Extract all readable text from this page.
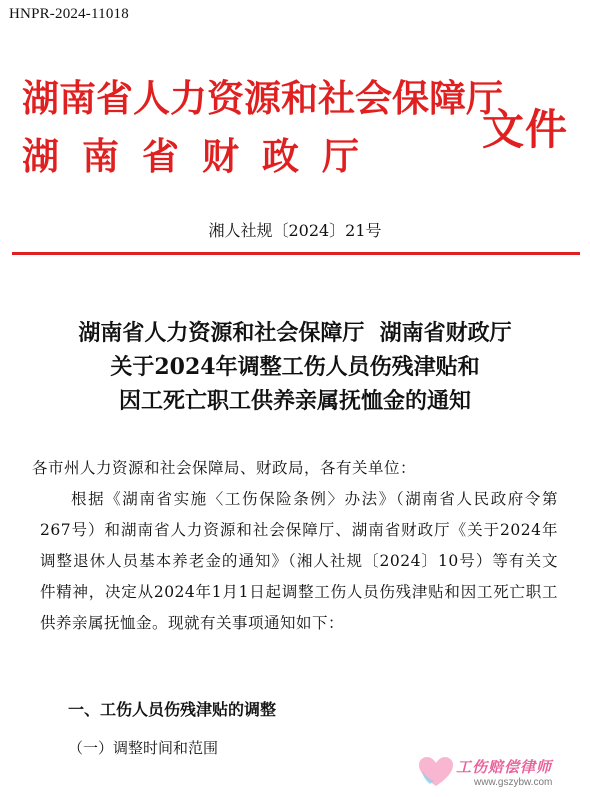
HNPR-2024-11018
湖南省人力资源和社会保障厅
湖南省财政厅
文件
湘人社规〔2024〕21号
湖南省人力资源和社会保障厅  湖南省财政厅
关于2024年调整工伤人员伤残津贴和
因工死亡职工供养亲属抚恤金的通知

各市州人力资源和社会保障局、财政局，各有关单位：

根据《湖南省实施〈工伤保险条例〉办法》（湖南省人民政府令第267号）和湖南省人力资源和社会保障厅、湖南省财政厅《关于2024年调整退休人员基本养老金的通知》（湘人社规〔2024〕10号）等有关文件精神，决定从2024年1月1日起调整工伤人员伤残津贴和因工死亡职工供养亲属抚恤金。现就有关事项通知如下：

一、工伤人员伤残津贴的调整
（一）调整时间和范围
工伤赔偿律师
www.gszybw.com
